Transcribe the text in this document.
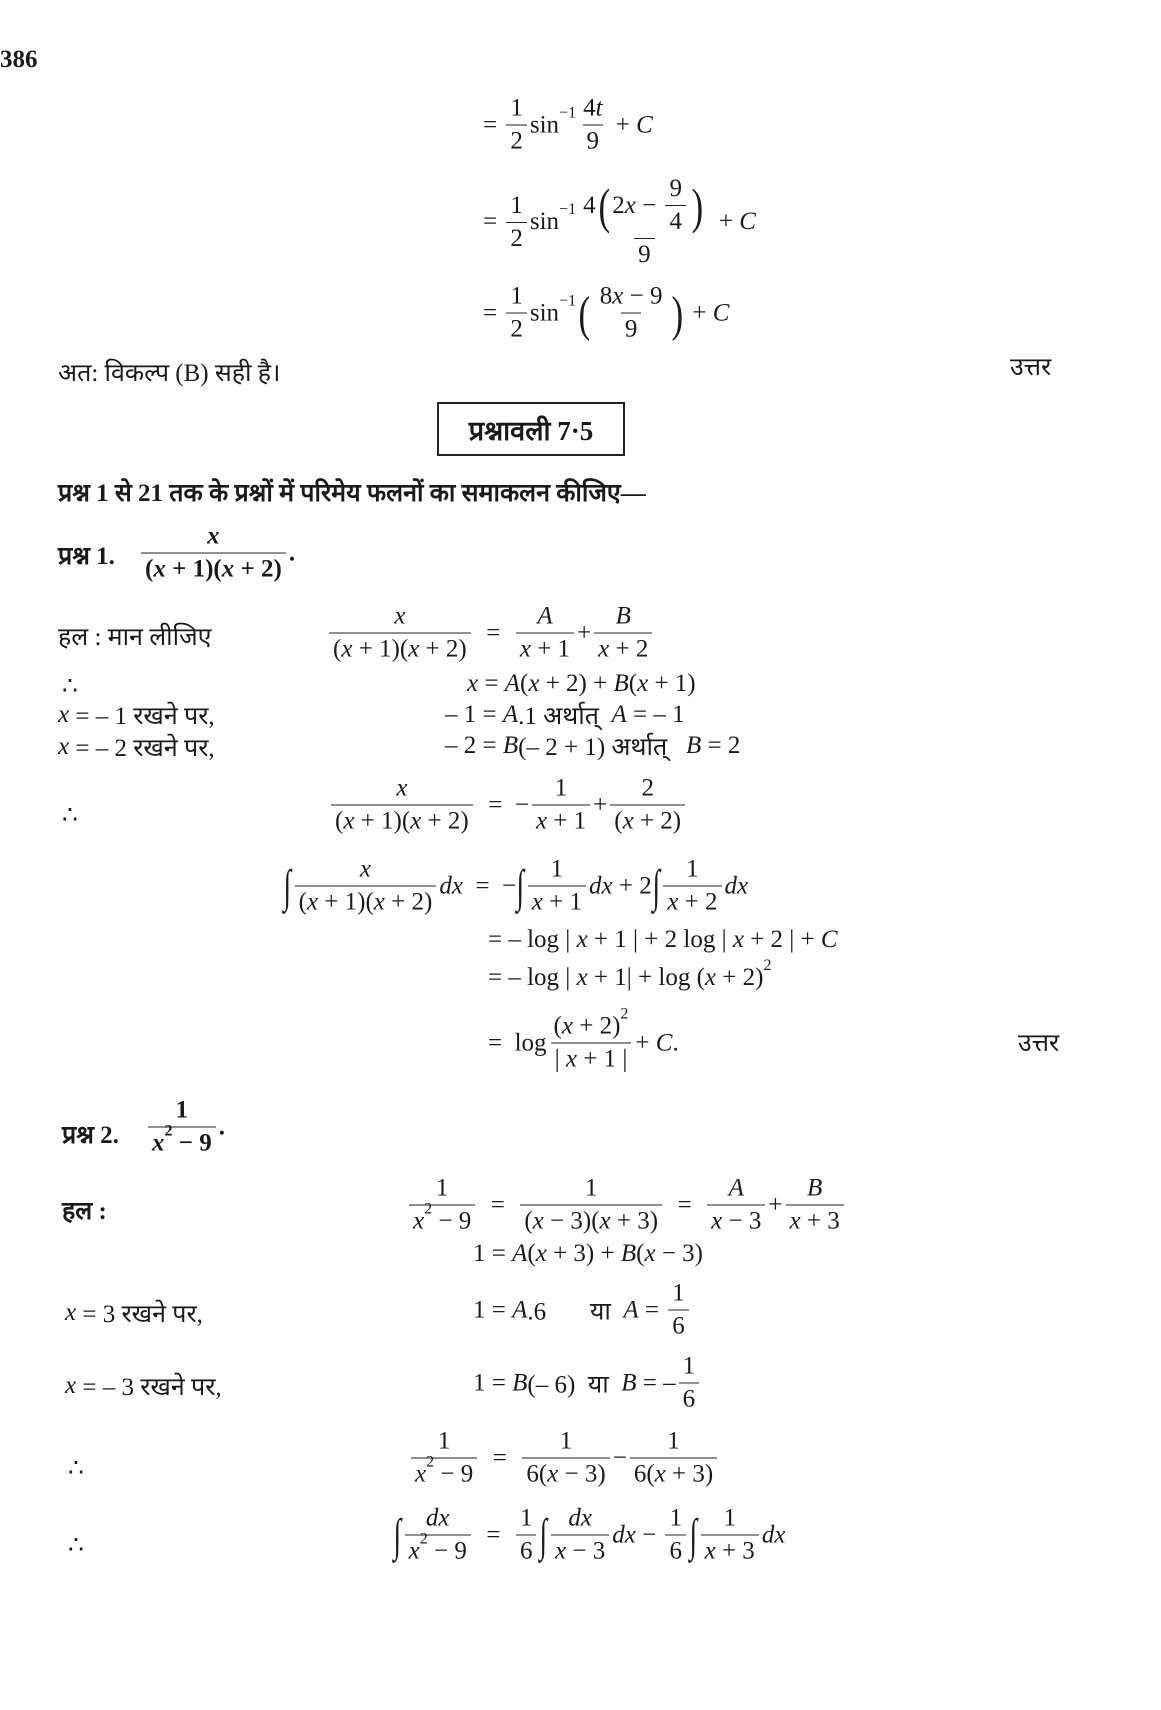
386
= $\frac{1}{2}$ $\sin -1 \frac{4 t}{9} + C$
= $\frac{1}{2}$ $\sin -1 \frac{4 ( 2 x - \frac{9}{4} )}{9} + C$
= $\frac{1}{2}$ sin −1 ( $\frac{8 x - 9}{9}$ ) + C
अत: विकल्प (B) सही है।	उत्तर
प्रश्नावली 7·5
प्रश्न 1 से 21 तक के प्रश्नों में परिमेय फलनों का समाकलन कीजिए—
प्रश्न 1. $\frac{x}{( x + 1)( x + 2)}$ .
हल : मान लीजिए	$\frac{x}{( x + 1)( x + 2)} = \frac{A}{x + 1} + \frac{B}{x + 2}$
∴	x = A ( x + 2) + B ( x + 1)
x = – 1 रखने पर,	– 1 = A .1 अर्थात् A = – 1
x = – 2 रखने पर,	– 2 = B (– 2 + 1) अर्थात् B = 2
∴	$\frac{x}{( x + 1)( x + 2)}$ =  − $\frac{1}{x + 1} + \frac{2}{( x + 2)}$
∫ $\frac{x}{( x + 1)( x + 2)}$ dx =  − ∫ $\frac{1}{x + 1}$ dx + 2 ∫ $\frac{1}{x + 2}$ dx
= – log | x + 1 | + 2 log | x + 2 | + C
= – log | x + 1| + log ( x + 2) 2
=  $\log \frac{( x + 2) 2}{| x + 1 |} + C$ .	उत्तर
प्रश्न 2. $\frac{1}{x 2 - 9}$ .
हल :	$\frac{1}{x 2 - 9} = \frac{1}{( x - 3)( x + 3)} = \frac{A}{x - 3} + \frac{B}{x + 3}$
1 = A ( x + 3) + B ( x − 3)
x = 3 रखने पर,	1 = A .6       या $A = \frac{1}{6}$
x = – 3 रखने पर,	1 = B (– 6)  या B = – $\frac{1}{6}$
∴	$\frac{1}{x 2 - 9} = \frac{1}{6( x - 3)} - \frac{1}{6( x + 3)}$
∴	∫ $\frac{dx}{x 2 - 9} = \frac{1}{6}$ ∫ $\frac{dx}{x - 3}$ dx − $\frac{1}{6}$ ∫ $\frac{1}{x + 3}$ dx
